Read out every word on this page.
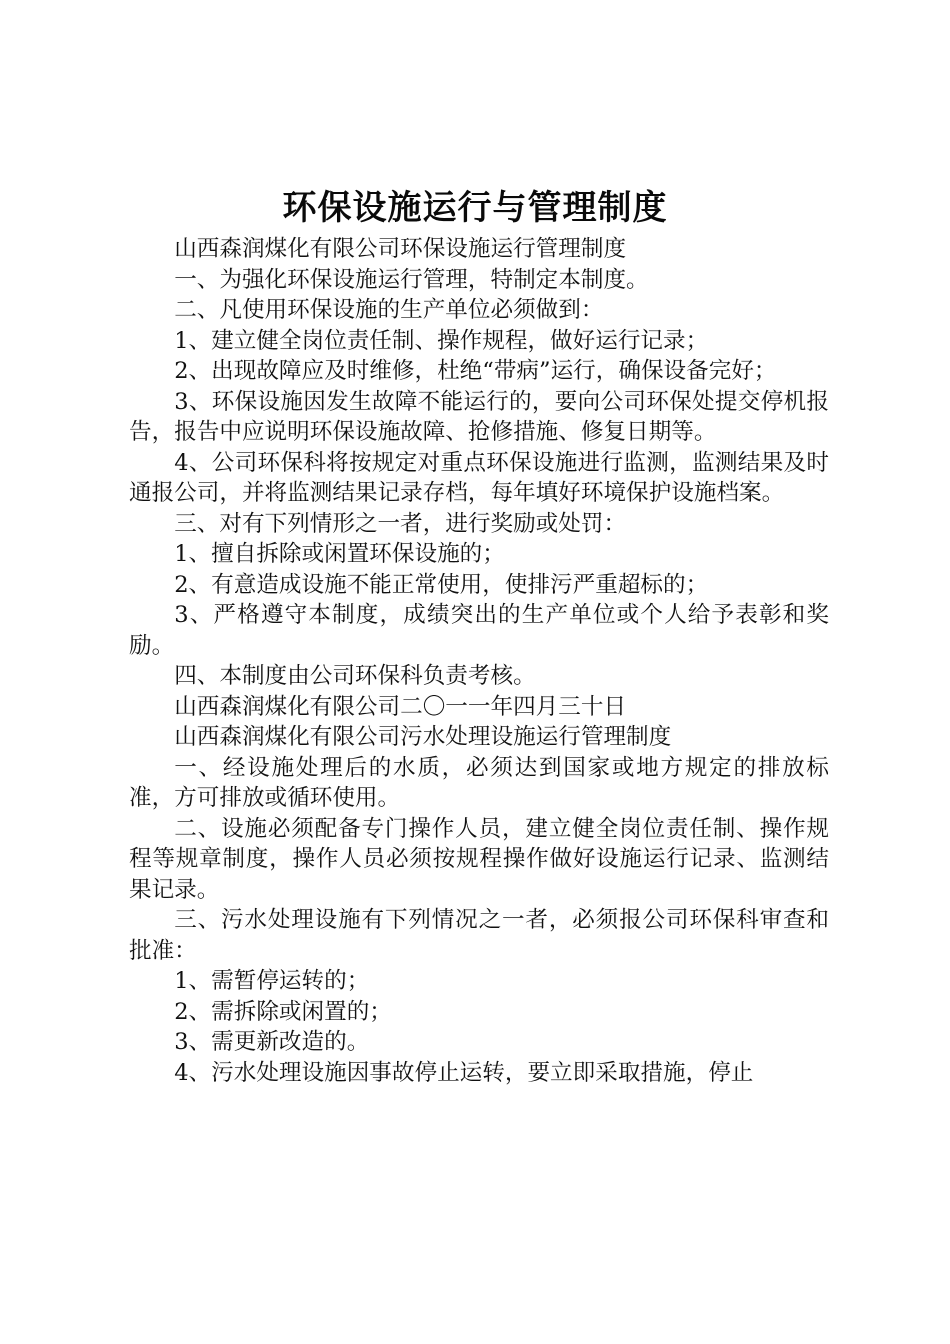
环保设施运行与管理制度

山西森润煤化有限公司环保设施运行管理制度

一、为强化环保设施运行管理，特制定本制度。

二、凡使用环保设施的生产单位必须做到：

1、建立健全岗位责任制、操作规程，做好运行记录；

2、出现故障应及时维修，杜绝“带病”运行，确保设备完好；

3、环保设施因发生故障不能运行的，要向公司环保处提交停机报告，报告中应说明环保设施故障、抢修措施、修复日期等。

4、公司环保科将按规定对重点环保设施进行监测，监测结果及时通报公司，并将监测结果记录存档，每年填好环境保护设施档案。

三、对有下列情形之一者，进行奖励或处罚：

1、擅自拆除或闲置环保设施的；

2、有意造成设施不能正常使用，使排污严重超标的；

3、严格遵守本制度，成绩突出的生产单位或个人给予表彰和奖励。

四、本制度由公司环保科负责考核。

山西森润煤化有限公司二〇一一年四月三十日

山西森润煤化有限公司污水处理设施运行管理制度

一、经设施处理后的水质，必须达到国家或地方规定的排放标准，方可排放或循环使用。

二、设施必须配备专门操作人员，建立健全岗位责任制、操作规程等规章制度，操作人员必须按规程操作做好设施运行记录、监测结果记录。

三、污水处理设施有下列情况之一者，必须报公司环保科审查和批准：

1、需暂停运转的；

2、需拆除或闲置的；

3、需更新改造的。

4、污水处理设施因事故停止运转，要立即采取措施，停止
